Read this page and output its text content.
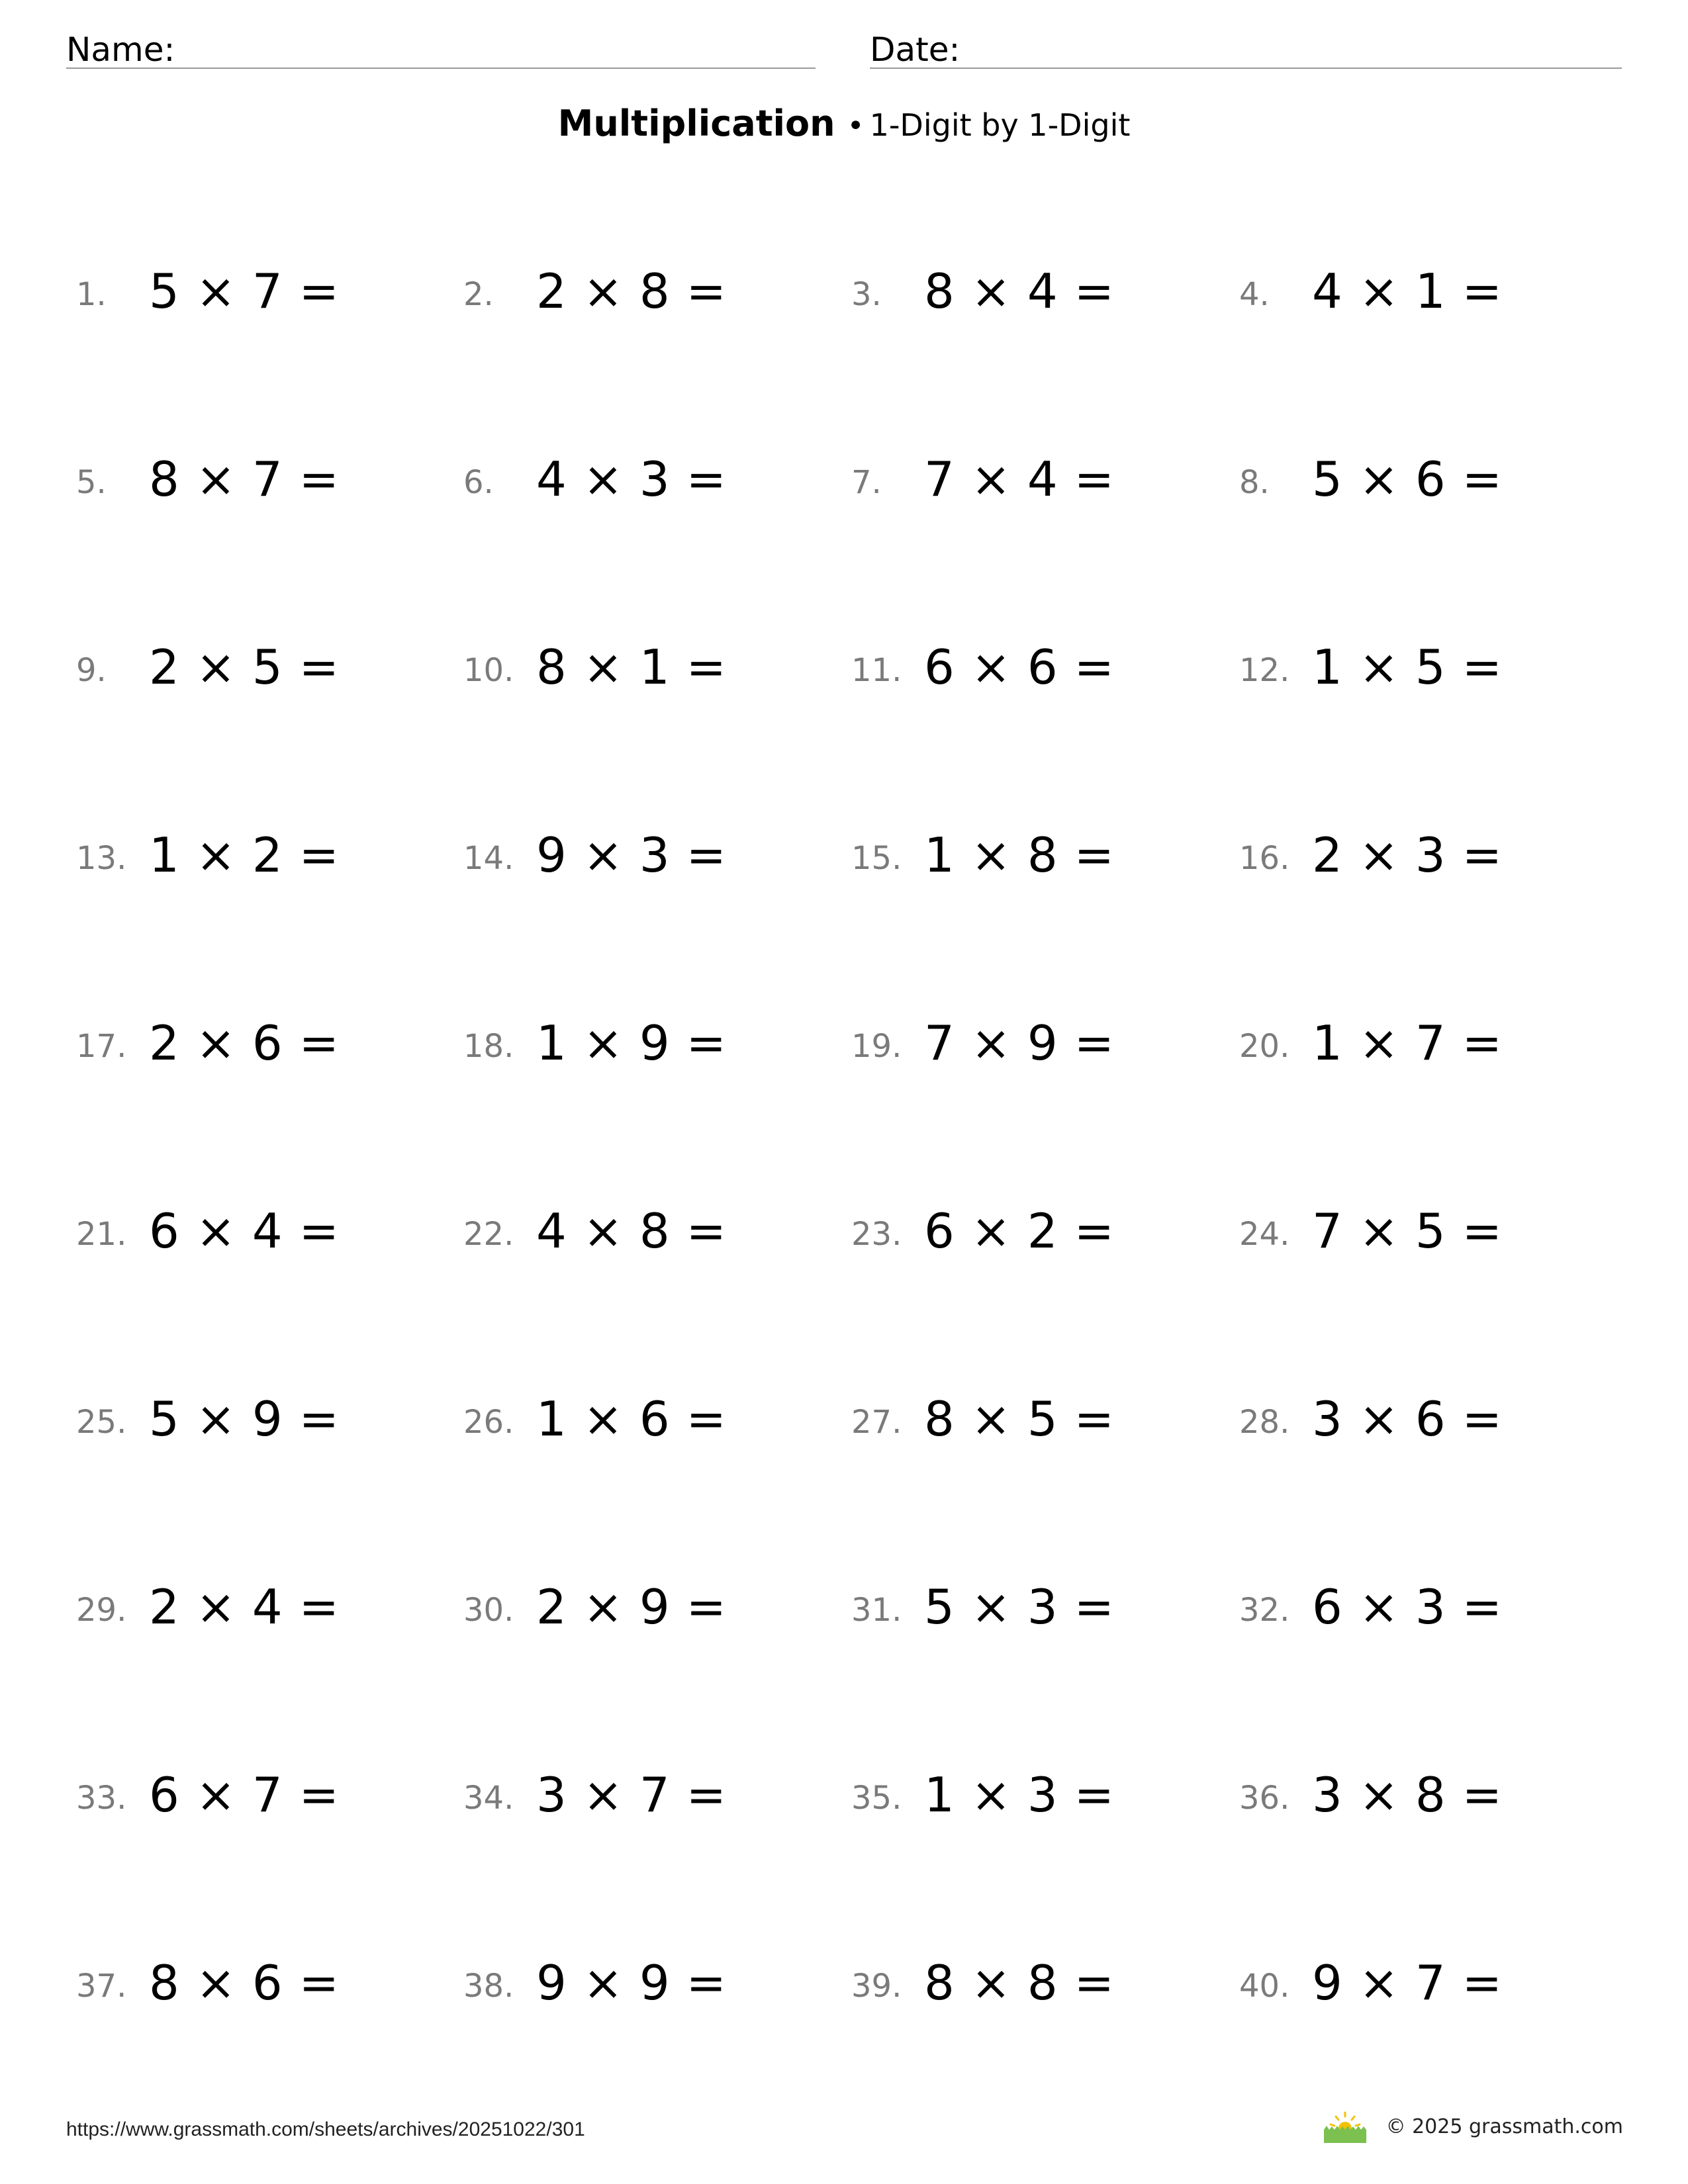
Name:	Date:
Multiplication • 1-Digit by 1-Digit
1. 5 × 7 =	2. 2 × 8 =	3. 8 × 4 =	4. 4 × 1 =
5. 8 × 7 =	6. 4 × 3 =	7. 7 × 4 =	8. 5 × 6 =
9. 2 × 5 =	10. 8 × 1 =	11. 6 × 6 =	12. 1 × 5 =
13. 1 × 2 =	14. 9 × 3 =	15. 1 × 8 =	16. 2 × 3 =
17. 2 × 6 =	18. 1 × 9 =	19. 7 × 9 =	20. 1 × 7 =
21. 6 × 4 =	22. 4 × 8 =	23. 6 × 2 =	24. 7 × 5 =
25. 5 × 9 =	26. 1 × 6 =	27. 8 × 5 =	28. 3 × 6 =
29. 2 × 4 =	30. 2 × 9 =	31. 5 × 3 =	32. 6 × 3 =
33. 6 × 7 =	34. 3 × 7 =	35. 1 × 3 =	36. 3 × 8 =
37. 8 × 6 =	38. 9 × 9 =	39. 8 × 8 =	40. 9 × 7 =
https://www.grassmath.com/sheets/archives/20251022/301	© 2025 grassmath.com
